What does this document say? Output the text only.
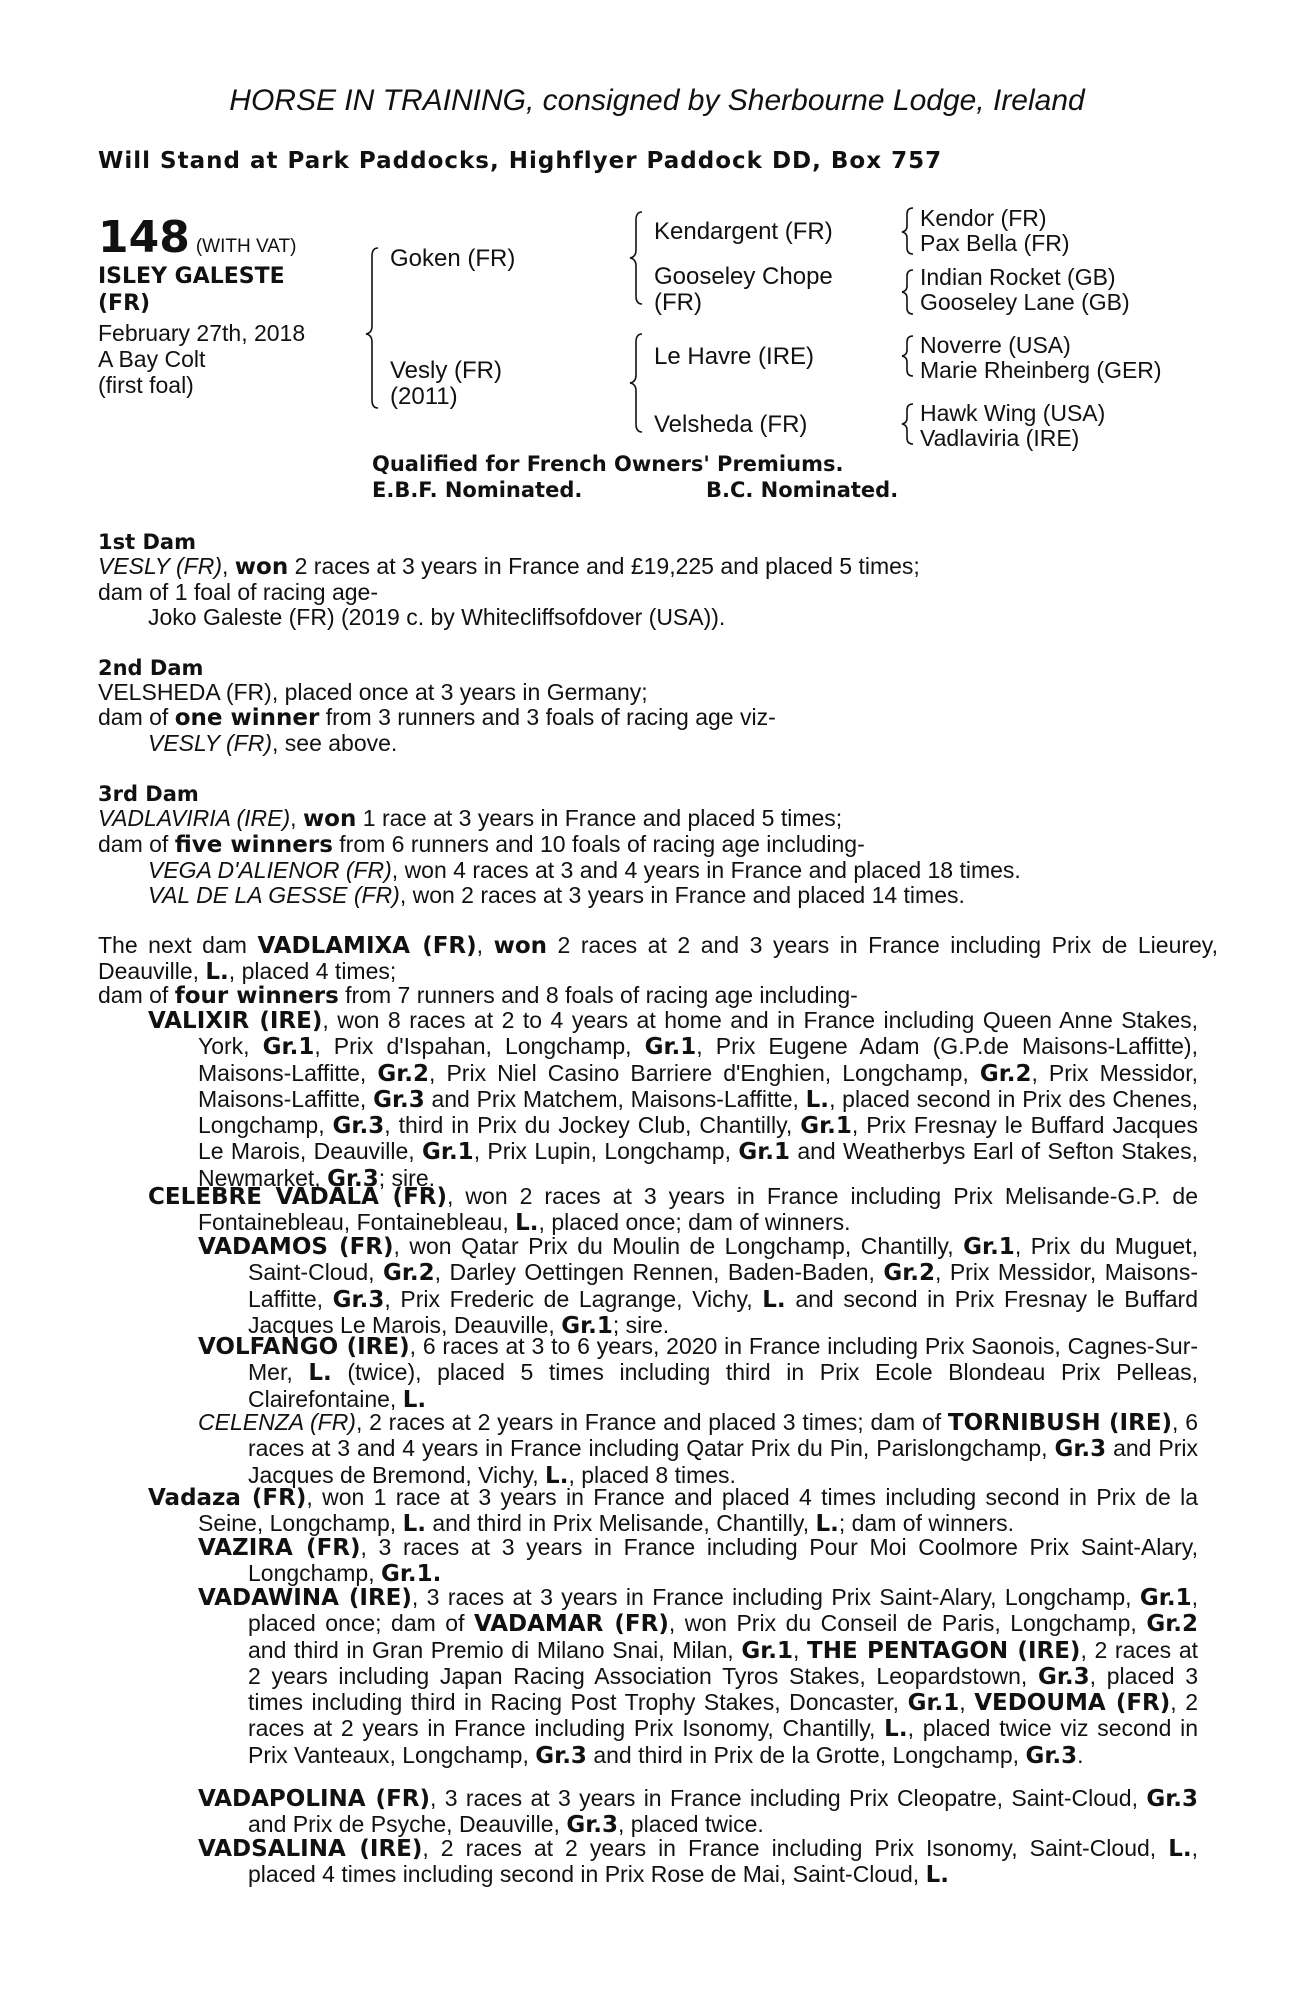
HORSE IN TRAINING, consigned by Sherbourne Lodge, Ireland
Will Stand at Park Paddocks, Highflyer Paddock DD, Box 757
148 (WITH VAT)
ISLEY GALESTE
(FR)
February 27th, 2018
A Bay Colt
(first foal)
Goken (FR)
Vesly (FR)
(2011)
Kendargent (FR)
Gooseley Chope
(FR)
Le Havre (IRE)
Velsheda (FR)
Kendor (FR)
Pax Bella (FR)
Indian Rocket (GB)
Gooseley Lane (GB)
Noverre (USA)
Marie Rheinberg (GER)
Hawk Wing (USA)
Vadlaviria (IRE)
Qualified for French Owners' Premiums.
E.B.F. Nominated.	B.C. Nominated.
1st Dam
VESLY (FR), won 2 races at 3 years in France and £19,225 and placed 5 times;
dam of 1 foal of racing age-
Joko Galeste (FR) (2019 c. by Whitecliffsofdover (USA)).
2nd Dam
VELSHEDA (FR), placed once at 3 years in Germany;
dam of one winner from 3 runners and 3 foals of racing age viz-
VESLY (FR), see above.
3rd Dam
VADLAVIRIA (IRE), won 1 race at 3 years in France and placed 5 times;
dam of five winners from 6 runners and 10 foals of racing age including-
VEGA D'ALIENOR (FR), won 4 races at 3 and 4 years in France and placed 18 times.
VAL DE LA GESSE (FR), won 2 races at 3 years in France and placed 14 times.
The next dam VADLAMIXA (FR), won 2 races at 2 and 3 years in France including Prix de Lieurey, Deauville, L., placed 4 times;
dam of four winners from 7 runners and 8 foals of racing age including-
VALIXIR (IRE), won 8 races at 2 to 4 years at home and in France including Queen Anne Stakes, York, Gr.1, Prix d'Ispahan, Longchamp, Gr.1, Prix Eugene Adam (G.P.de Maisons-Laffitte), Maisons-Laffitte, Gr.2, Prix Niel Casino Barriere d'Enghien, Longchamp, Gr.2, Prix Messidor, Maisons-Laffitte, Gr.3 and Prix Matchem, Maisons-Laffitte, L., placed second in Prix des Chenes, Longchamp, Gr.3, third in Prix du Jockey Club, Chantilly, Gr.1, Prix Fresnay le Buffard Jacques Le Marois, Deauville, Gr.1, Prix Lupin, Longchamp, Gr.1 and Weatherbys Earl of Sefton Stakes, Newmarket, Gr.3; sire.
CELEBRE VADALA (FR), won 2 races at 3 years in France including Prix Melisande-G.P. de Fontainebleau, Fontainebleau, L., placed once; dam of winners.
VADAMOS (FR), won Qatar Prix du Moulin de Longchamp, Chantilly, Gr.1, Prix du Muguet, Saint-Cloud, Gr.2, Darley Oettingen Rennen, Baden-Baden, Gr.2, Prix Messidor, Maisons-Laffitte, Gr.3, Prix Frederic de Lagrange, Vichy, L. and second in Prix Fresnay le Buffard Jacques Le Marois, Deauville, Gr.1; sire.
VOLFANGO (IRE), 6 races at 3 to 6 years, 2020 in France including Prix Saonois, Cagnes-Sur-Mer, L. (twice), placed 5 times including third in Prix Ecole Blondeau Prix Pelleas, Clairefontaine, L.
CELENZA (FR), 2 races at 2 years in France and placed 3 times; dam of TORNIBUSH (IRE), 6 races at 3 and 4 years in France including Qatar Prix du Pin, Parislongchamp, Gr.3 and Prix Jacques de Bremond, Vichy, L., placed 8 times.
Vadaza (FR), won 1 race at 3 years in France and placed 4 times including second in Prix de la Seine, Longchamp, L. and third in Prix Melisande, Chantilly, L.; dam of winners.
VAZIRA (FR), 3 races at 3 years in France including Pour Moi Coolmore Prix Saint-Alary, Longchamp, Gr.1.
VADAWINA (IRE), 3 races at 3 years in France including Prix Saint-Alary, Longchamp, Gr.1, placed once; dam of VADAMAR (FR), won Prix du Conseil de Paris, Longchamp, Gr.2 and third in Gran Premio di Milano Snai, Milan, Gr.1, THE PENTAGON (IRE), 2 races at 2 years including Japan Racing Association Tyros Stakes, Leopardstown, Gr.3, placed 3 times including third in Racing Post Trophy Stakes, Doncaster, Gr.1, VEDOUMA (FR), 2 races at 2 years in France including Prix Isonomy, Chantilly, L., placed twice viz second in Prix Vanteaux, Longchamp, Gr.3 and third in Prix de la Grotte, Longchamp, Gr.3.
VADAPOLINA (FR), 3 races at 3 years in France including Prix Cleopatre, Saint-Cloud, Gr.3 and Prix de Psyche, Deauville, Gr.3, placed twice.
VADSALINA (IRE), 2 races at 2 years in France including Prix Isonomy, Saint-Cloud, L., placed 4 times including second in Prix Rose de Mai, Saint-Cloud, L.
